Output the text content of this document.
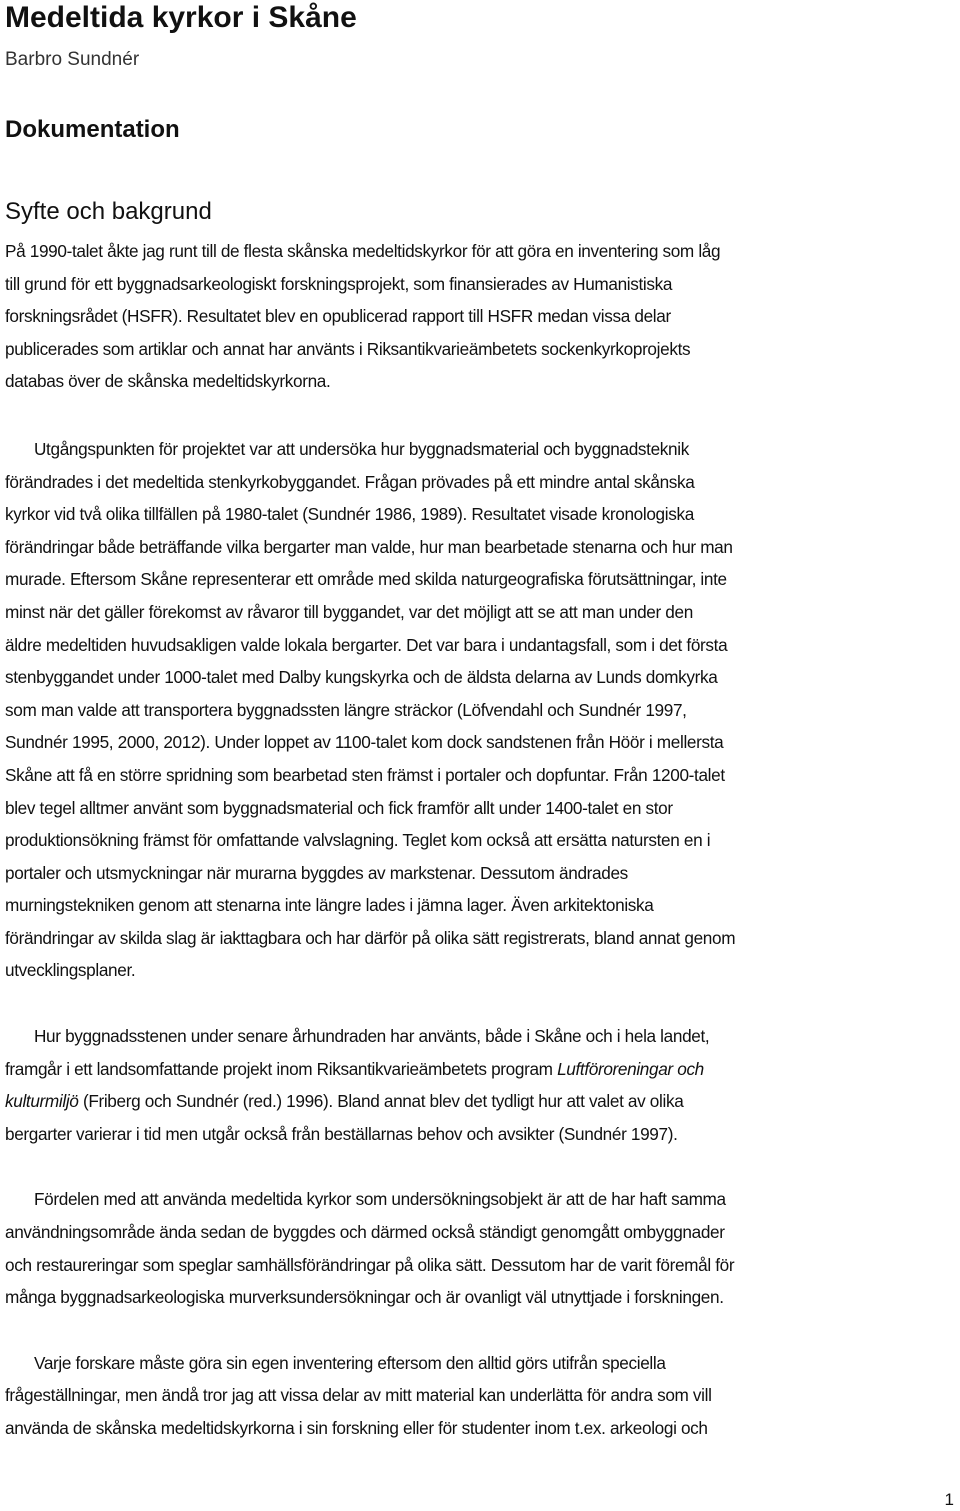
Medeltida kyrkor i Skåne
Barbro Sundnér
Dokumentation
Syfte och bakgrund
På 1990-talet åkte jag runt till de flesta skånska medeltidskyrkor för att göra en inventering som låg
till grund för ett byggnadsarkeologiskt forskningsprojekt, som finansierades av Humanistiska
forskningsrådet (HSFR). Resultatet blev en opublicerad rapport till HSFR medan vissa delar
publicerades som artiklar och annat har använts i Riksantikvarieämbetets sockenkyrkoprojekts
databas över de skånska medeltidskyrkorna.
Utgångspunkten för projektet var att undersöka hur byggnadsmaterial och byggnadsteknik
förändrades i det medeltida stenkyrkobyggandet. Frågan prövades på ett mindre antal skånska
kyrkor vid två olika tillfällen på 1980-talet (Sundnér 1986, 1989). Resultatet visade kronologiska
förändringar både beträffande vilka bergarter man valde, hur man bearbetade stenarna och hur man
murade. Eftersom Skåne representerar ett område med skilda naturgeografiska förutsättningar, inte
minst när det gäller förekomst av råvaror till byggandet, var det möjligt att se att man under den
äldre medeltiden huvudsakligen valde lokala bergarter. Det var bara i undantagsfall, som i det första
stenbyggandet under 1000-talet med Dalby kungskyrka och de äldsta delarna av Lunds domkyrka
som man valde att transportera byggnadssten längre sträckor (Löfvendahl och Sundnér 1997,
Sundnér 1995, 2000, 2012). Under loppet av 1100-talet kom dock sandstenen från Höör i mellersta
Skåne att få en större spridning som bearbetad sten främst i portaler och dopfuntar. Från 1200-talet
blev tegel alltmer använt som byggnadsmaterial och fick framför allt under 1400-talet en stor
produktionsökning främst för omfattande valvslagning. Teglet kom också att ersätta natursten en i
portaler och utsmyckningar när murarna byggdes av markstenar. Dessutom ändrades
murningstekniken genom att stenarna inte längre lades i jämna lager. Även arkitektoniska
förändringar av skilda slag är iakttagbara och har därför på olika sätt registrerats, bland annat genom
utvecklingsplaner.
Hur byggnadsstenen under senare århundraden har använts, både i Skåne och i hela landet,
framgår i ett landsomfattande projekt inom Riksantikvarieämbetets program Luftföroreningar och
kulturmiljö (Friberg och Sundnér (red.) 1996). Bland annat blev det tydligt hur att valet av olika
bergarter varierar i tid men utgår också från beställarnas behov och avsikter (Sundnér 1997).
Fördelen med att använda medeltida kyrkor som undersökningsobjekt är att de har haft samma
användningsområde ända sedan de byggdes och därmed också ständigt genomgått ombyggnader
och restaureringar som speglar samhällsförändringar på olika sätt. Dessutom har de varit föremål för
många byggnadsarkeologiska murverksundersökningar och är ovanligt väl utnyttjade i forskningen.
Varje forskare måste göra sin egen inventering eftersom den alltid görs utifrån speciella
frågeställningar, men ändå tror jag att vissa delar av mitt material kan underlätta för andra som vill
använda de skånska medeltidskyrkorna i sin forskning eller för studenter inom t.ex. arkeologi och
1
